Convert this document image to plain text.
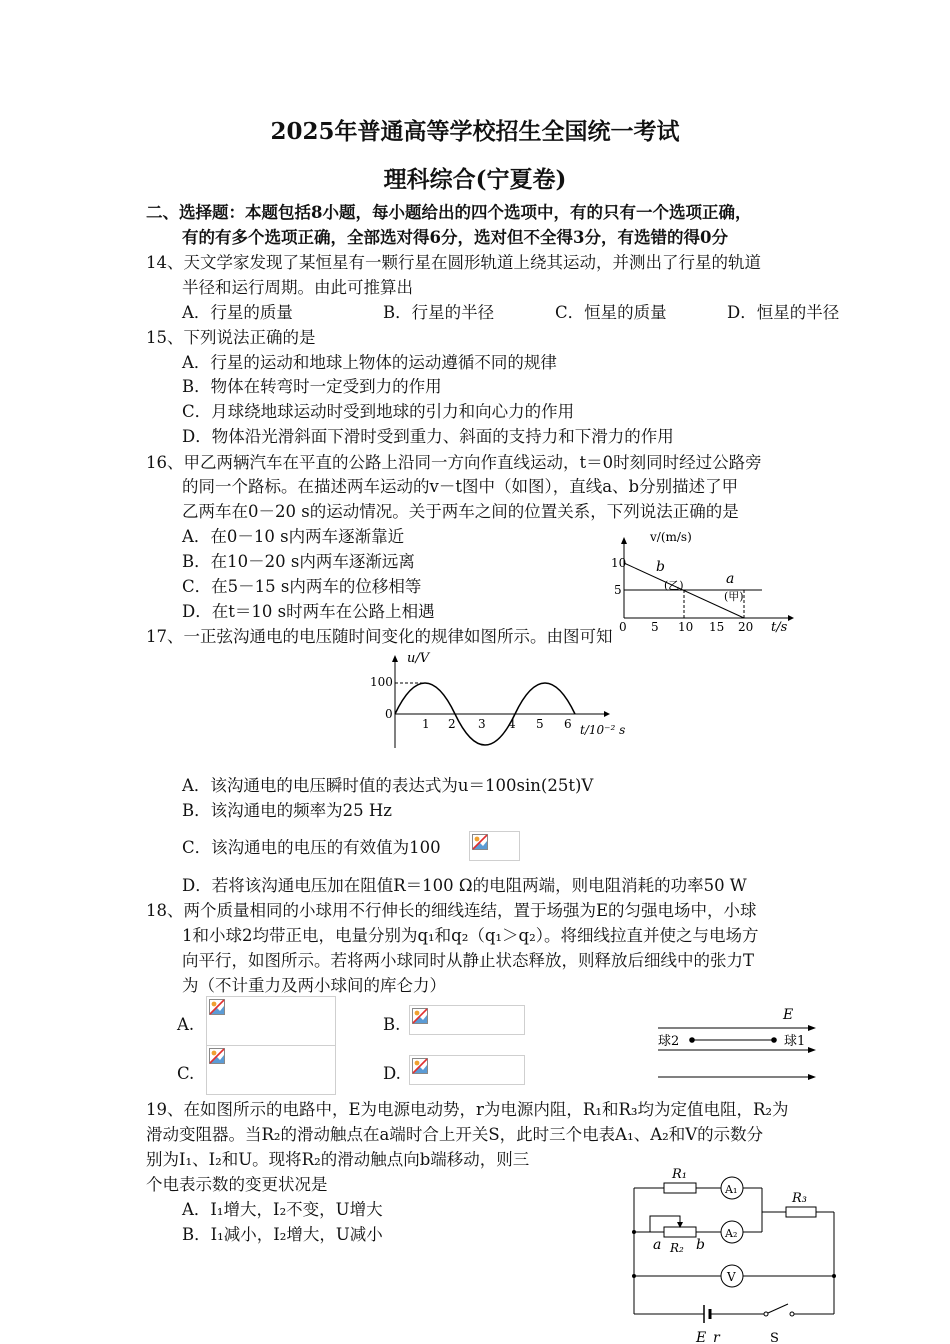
2025年普通高等学校招生全国统一考试
理科综合(宁夏卷)
二、选择题：本题包括8小题，每小题给出的四个选项中，有的只有一个选项正确，
有的有多个选项正确，全部选对得6分，选对但不全得3分，有选错的得0分
14、天文学家发现了某恒星有一颗行星在圆形轨道上绕其运动，并测出了行星的轨道
半径和运行周期。由此可推算出
A．行星的质量	B．行星的半径	C．恒星的质量	D．恒星的半径
15、下列说法正确的是
A．行星的运动和地球上物体的运动遵循不同的规律
B．物体在转弯时一定受到力的作用
C．月球绕地球运动时受到地球的引力和向心力的作用
D．物体沿光滑斜面下滑时受到重力、斜面的支持力和下滑力的作用
16、甲乙两辆汽车在平直的公路上沿同一方向作直线运动，t＝0时刻同时经过公路旁
的同一个路标。在描述两车运动的v－t图中（如图），直线a、b分别描述了甲
乙两车在0－20 s的运动情况。关于两车之间的位置关系，下列说法正确的是
A．在0－10 s内两车逐渐靠近
B．在10－20 s内两车逐渐远离
C．在5－15 s内两车的位移相等
D．在t＝10 s时两车在公路上相遇
v/(m/s)
10
5
0 5 10 15 20 t/s
b
(乙)	a
(甲)
17、一正弦沟通电的电压随时间变化的规律如图所示。由图可知
u/V
100
0
1 2 3 4 5 6 t/10⁻² s
A．该沟通电的电压瞬时值的表达式为u＝100sin(25t)V
B．该沟通电的频率为25 Hz
C．该沟通电的电压的有效值为100
D．若将该沟通电压加在阻值R＝100 Ω的电阻两端，则电阻消耗的功率50 W
18、两个质量相同的小球用不行伸长的细线连结，置于场强为E的匀强电场中，小球
1和小球2均带正电，电量分别为q₁和q₂（q₁＞q₂）。将细线拉直并使之与电场方
向平行，如图所示。若将两小球同时从静止状态释放，则释放后细线中的张力T
为（不计重力及两小球间的库仑力）
A.	B.
C.	D.
E
球2	球1
19、在如图所示的电路中，E为电源电动势，r为电源内阻，R₁和R₃均为定值电阻，R₂为
滑动变阻器。当R₂的滑动触点在a端时合上开关S，此时三个电表A₁、A₂和V的示数分
别为I₁、I₂和U。现将R₂的滑动触点向b端移动，则三
个电表示数的变更状况是
A．I₁增大，I₂不变，U增大
B．I₁减小，I₂增大，U减小
R₁
A₁
R₃
A₂
a R₂ b
V
E r	S
